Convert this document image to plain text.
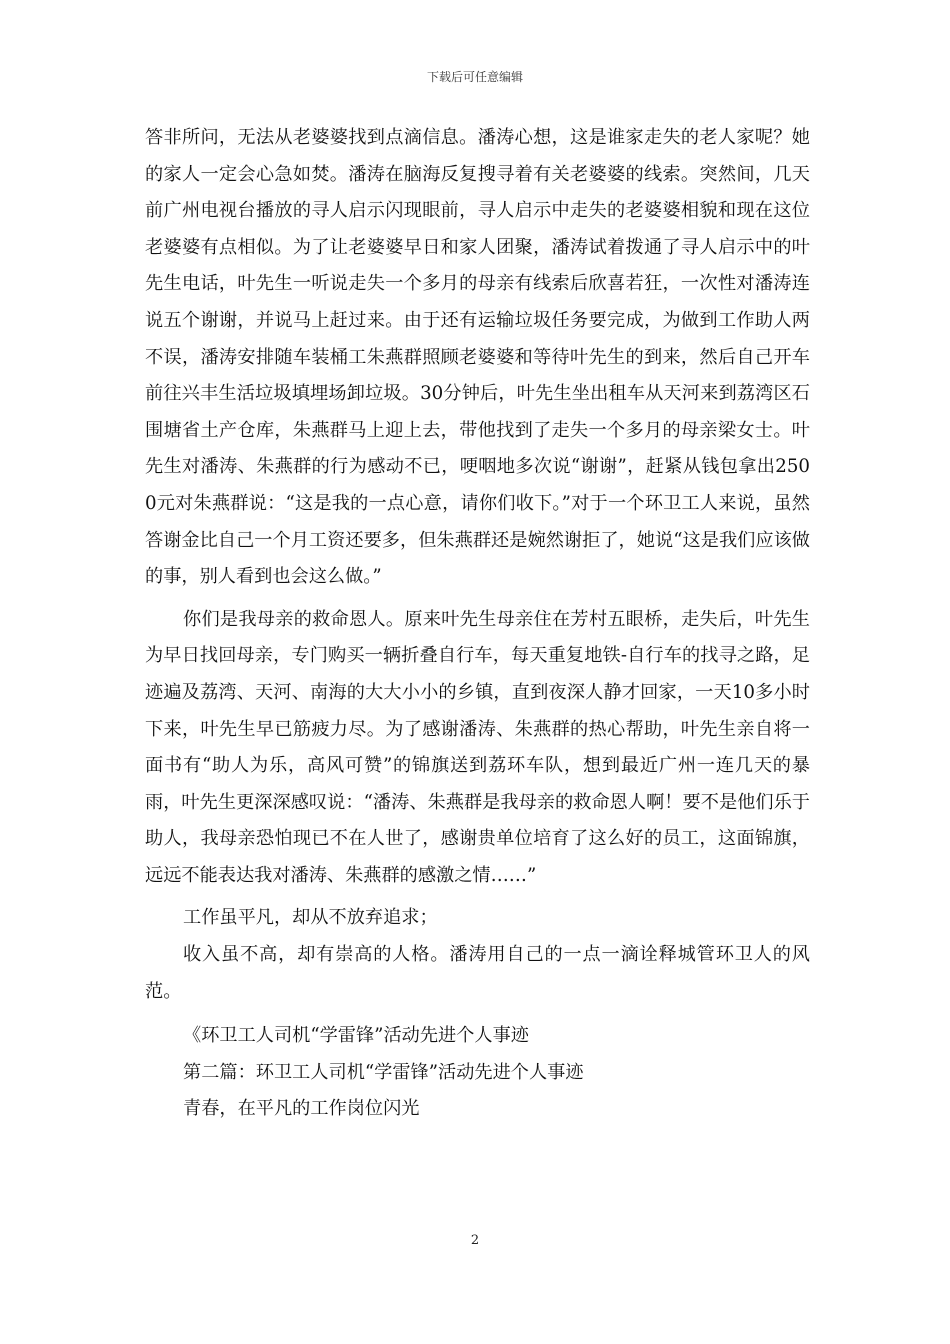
下载后可任意编辑

答非所问，无法从老婆婆找到点滴信息。潘涛心想，这是谁家走失的老人家呢？她的家人一定会心急如焚。潘涛在脑海反复搜寻着有关老婆婆的线索。突然间，几天前广州电视台播放的寻人启示闪现眼前，寻人启示中走失的老婆婆相貌和现在这位老婆婆有点相似。为了让老婆婆早日和家人团聚，潘涛试着拨通了寻人启示中的叶先生电话，叶先生一听说走失一个多月的母亲有线索后欣喜若狂，一次性对潘涛连说五个谢谢，并说马上赶过来。由于还有运输垃圾任务要完成，为做到工作助人两不误，潘涛安排随车装桶工朱燕群照顾老婆婆和等待叶先生的到来，然后自己开车前往兴丰生活垃圾填埋场卸垃圾。30分钟后，叶先生坐出租车从天河来到荔湾区石围塘省土产仓库，朱燕群马上迎上去，带他找到了走失一个多月的母亲梁女士。叶先生对潘涛、朱燕群的行为感动不已，哽咽地多次说“谢谢”，赶紧从钱包拿出2500元对朱燕群说：“这是我的一点心意，请你们收下。”对于一个环卫工人来说，虽然答谢金比自己一个月工资还要多，但朱燕群还是婉然谢拒了，她说“这是我们应该做的事，别人看到也会这么做。”

你们是我母亲的救命恩人。原来叶先生母亲住在芳村五眼桥，走失后，叶先生为早日找回母亲，专门购买一辆折叠自行车，每天重复地铁-自行车的找寻之路，足迹遍及荔湾、天河、南海的大大小小的乡镇，直到夜深人静才回家，一天10多小时下来，叶先生早已筋疲力尽。为了感谢潘涛、朱燕群的热心帮助，叶先生亲自将一面书有“助人为乐，高风可赞”的锦旗送到荔环车队，想到最近广州一连几天的暴雨，叶先生更深深感叹说：“潘涛、朱燕群是我母亲的救命恩人啊！要不是他们乐于助人，我母亲恐怕现已不在人世了，感谢贵单位培育了这么好的员工，这面锦旗，远远不能表达我对潘涛、朱燕群的感激之情……”

工作虽平凡，却从不放弃追求；

收入虽不高，却有崇高的人格。潘涛用自己的一点一滴诠释城管环卫人的风范。

《环卫工人司机“学雷锋”活动先进个人事迹

第二篇：环卫工人司机“学雷锋”活动先进个人事迹

青春，在平凡的工作岗位闪光

2
